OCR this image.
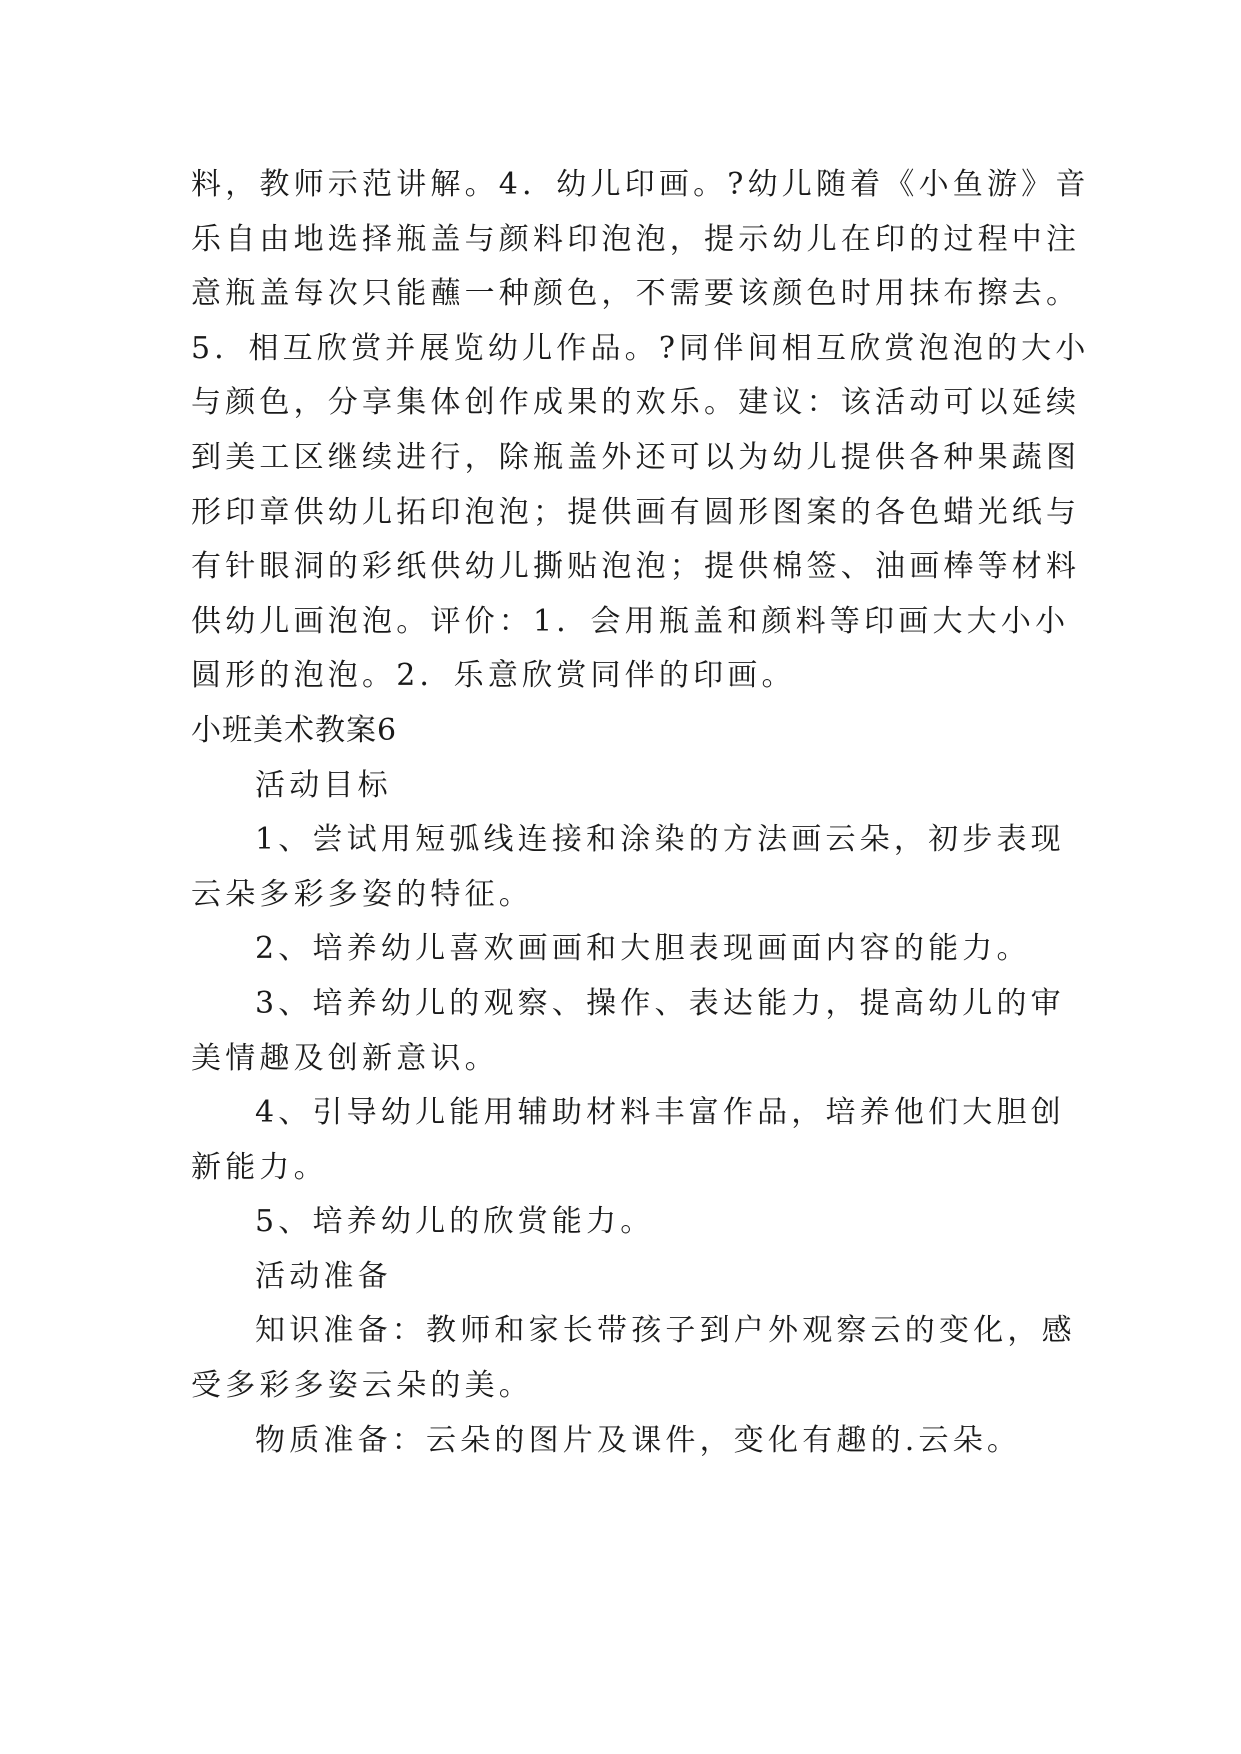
料，教师示范讲解。4．幼儿印画。?幼儿随着《小鱼游》音
乐自由地选择瓶盖与颜料印泡泡，提示幼儿在印的过程中注
意瓶盖每次只能蘸一种颜色，不需要该颜色时用抹布擦去。
5．相互欣赏并展览幼儿作品。?同伴间相互欣赏泡泡的大小
与颜色，分享集体创作成果的欢乐。建议：该活动可以延续
到美工区继续进行，除瓶盖外还可以为幼儿提供各种果蔬图
形印章供幼儿拓印泡泡；提供画有圆形图案的各色蜡光纸与
有针眼洞的彩纸供幼儿撕贴泡泡；提供棉签、油画棒等材料
供幼儿画泡泡。评价：1．会用瓶盖和颜料等印画大大小小
圆形的泡泡。2．乐意欣赏同伴的印画。
小班美术教案6
活动目标
1、尝试用短弧线连接和涂染的方法画云朵，初步表现
云朵多彩多姿的特征。
2、培养幼儿喜欢画画和大胆表现画面内容的能力。
3、培养幼儿的观察、操作、表达能力，提高幼儿的审
美情趣及创新意识。
4、引导幼儿能用辅助材料丰富作品，培养他们大胆创
新能力。
5、培养幼儿的欣赏能力。
活动准备
知识准备：教师和家长带孩子到户外观察云的变化，感
受多彩多姿云朵的美。
物质准备：云朵的图片及课件，变化有趣的.云朵。
